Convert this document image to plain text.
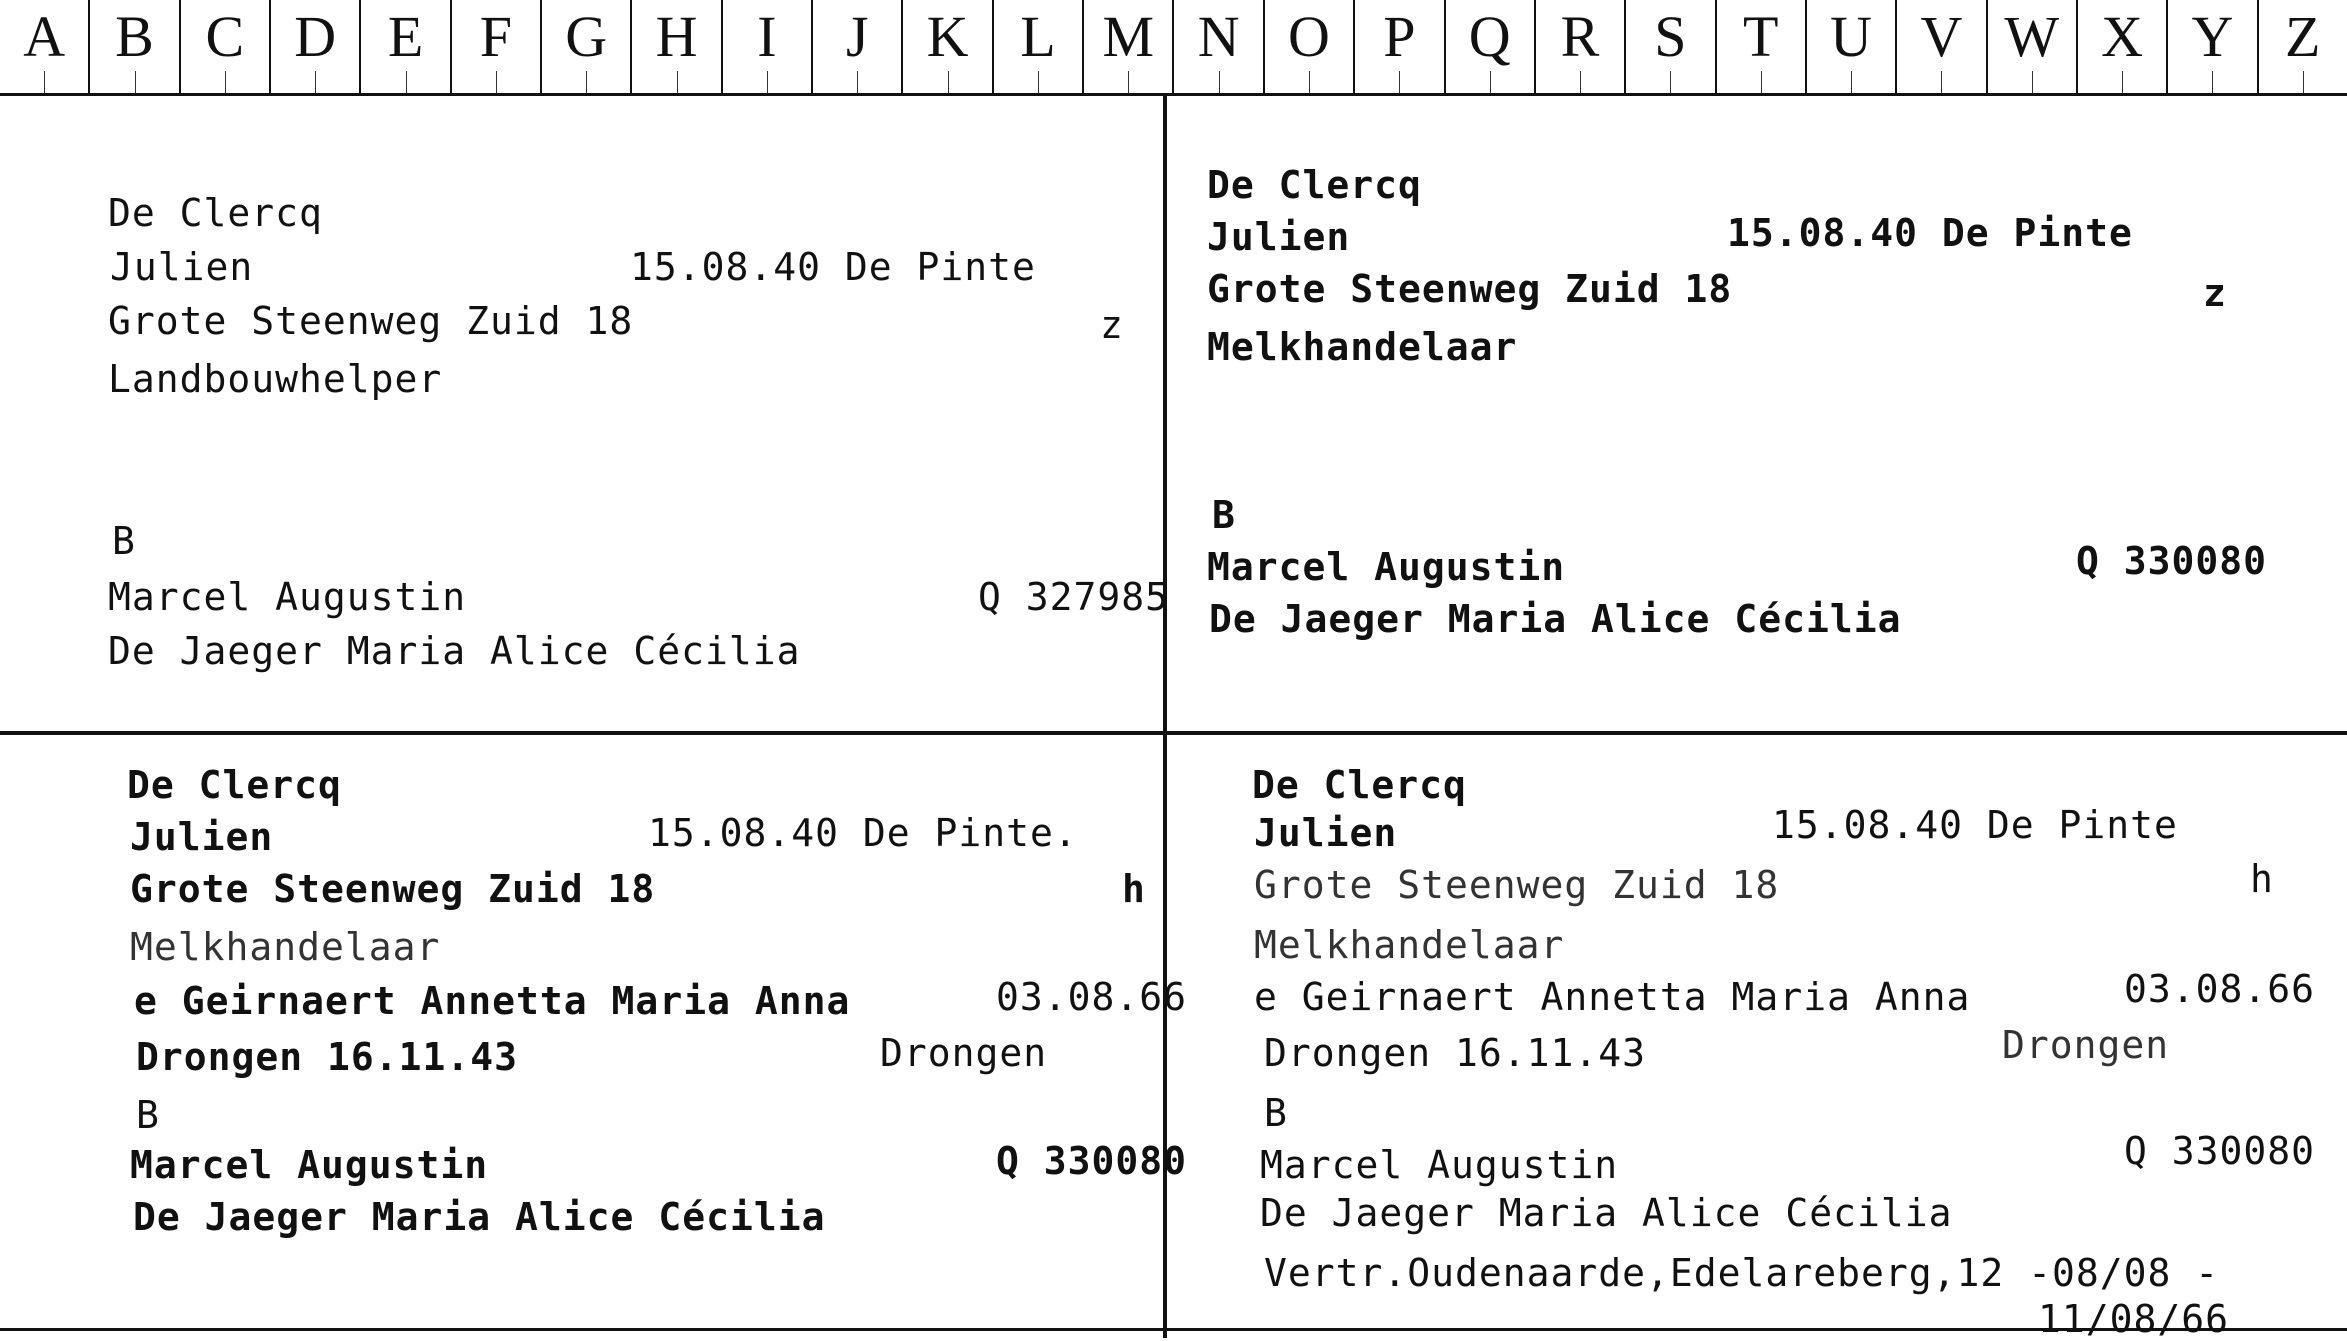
A B C D E F G H	I	J	K L M N O P Q R S T U V W X Y Z
De Clercq
Julien	15.08.40 De Pinte
Grote Steenweg Zuid 18	z
Landbouwhelper
B
Marcel Augustin	Q 327985
De Jaeger Maria Alice Cécilia
De Clercq
Julien	15.08.40 De Pinte
Grote Steenweg Zuid 18	z
Melkhandelaar
B
Marcel Augustin	Q 330080
De Jaeger Maria Alice Cécilia
De Clercq
Julien	15.08.40 De Pinte.
Grote Steenweg Zuid 18	h
Melkhandelaar
e Geirnaert Annetta Maria Anna	03.08.66
Drongen 16.11.43	Drongen
B
Marcel Augustin	Q 330080
De Jaeger Maria Alice Cécilia
De Clercq
Julien	15.08.40 De Pinte
Grote Steenweg Zuid 18	h
Melkhandelaar
e Geirnaert Annetta Maria Anna	03.08.66
Drongen 16.11.43	Drongen
B
Marcel Augustin	Q 330080
De Jaeger Maria Alice Cécilia
Vertr.Oudenaarde,Edelareberg,12 -08/08 -
11/08/66
